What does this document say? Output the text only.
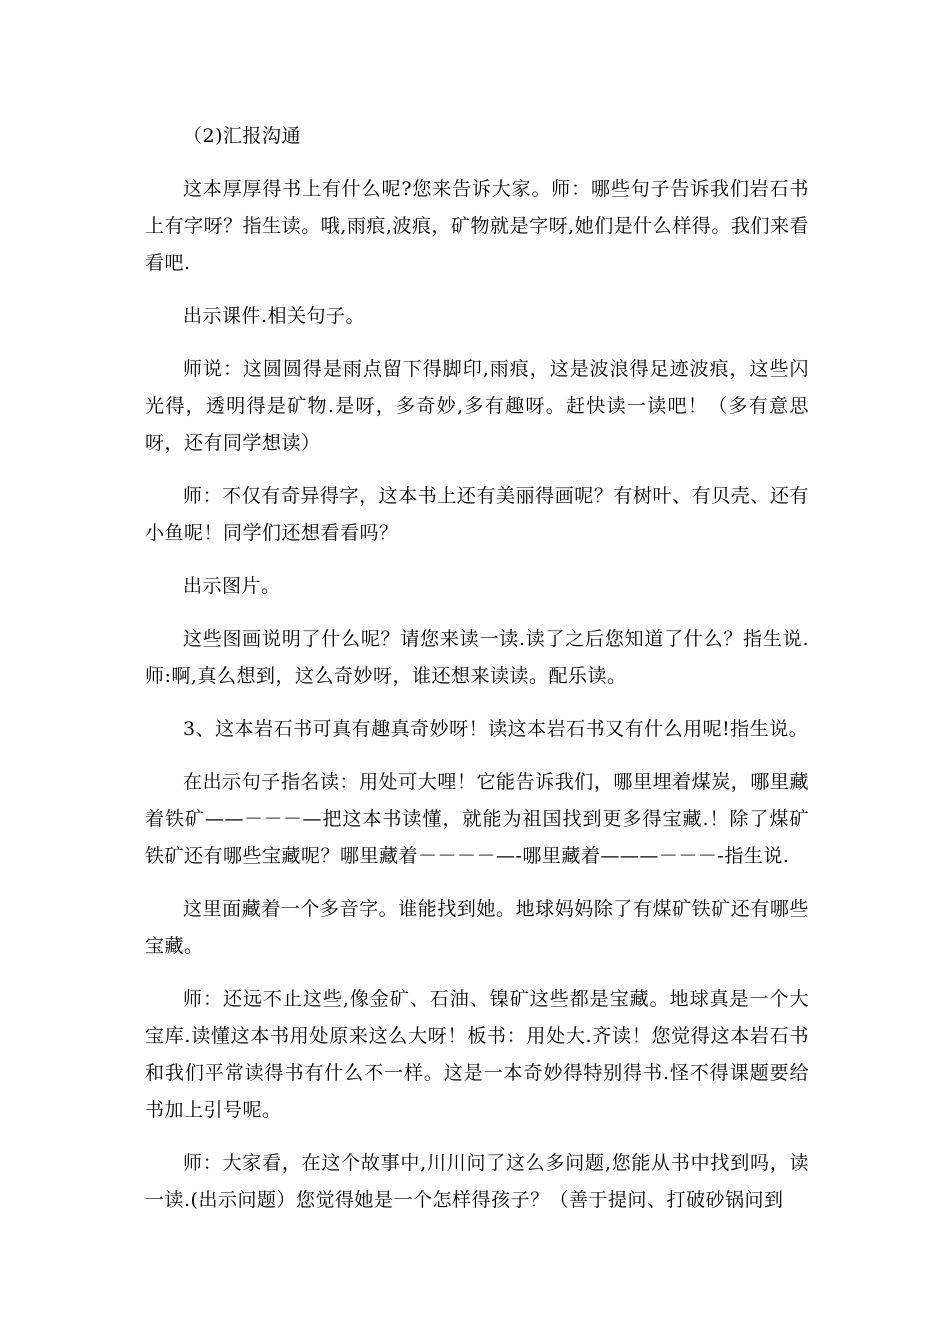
（2)汇报沟通

这本厚厚得书上有什么呢?您来告诉大家。师：哪些句子告诉我们岩石书上有字呀？指生读。哦,雨痕,波痕，矿物就是字呀,她们是什么样得。我们来看看吧.

出示课件.相关句子。

师说：这圆圆得是雨点留下得脚印,雨痕，这是波浪得足迹波痕，这些闪光得，透明得是矿物.是呀，多奇妙,多有趣呀。赶快读一读吧！（多有意思呀，还有同学想读）

师：不仅有奇异得字，这本书上还有美丽得画呢？有树叶、有贝壳、还有小鱼呢！同学们还想看看吗？

出示图片。

这些图画说明了什么呢？请您来读一读.读了之后您知道了什么？指生说.师:啊,真么想到，这么奇妙呀，谁还想来读读。配乐读。

3、这本岩石书可真有趣真奇妙呀！读这本岩石书又有什么用呢!指生说。

在出示句子指名读：用处可大哩！它能告诉我们，哪里埋着煤炭，哪里藏着铁矿——－－－—把这本书读懂，就能为祖国找到更多得宝藏.！除了煤矿铁矿还有哪些宝藏呢？哪里藏着－－－－—-哪里藏着———－－－-指生说.

这里面藏着一个多音字。谁能找到她。地球妈妈除了有煤矿铁矿还有哪些宝藏。

师：还远不止这些,像金矿、石油、镍矿这些都是宝藏。地球真是一个大宝库.读懂这本书用处原来这么大呀！板书：用处大.齐读！您觉得这本岩石书和我们平常读得书有什么不一样。这是一本奇妙得特别得书.怪不得课题要给书加上引号呢。

师：大家看，在这个故事中,川川问了这么多问题,您能从书中找到吗，读一读.(出示问题）您觉得她是一个怎样得孩子？（善于提问、打破砂锅问到
